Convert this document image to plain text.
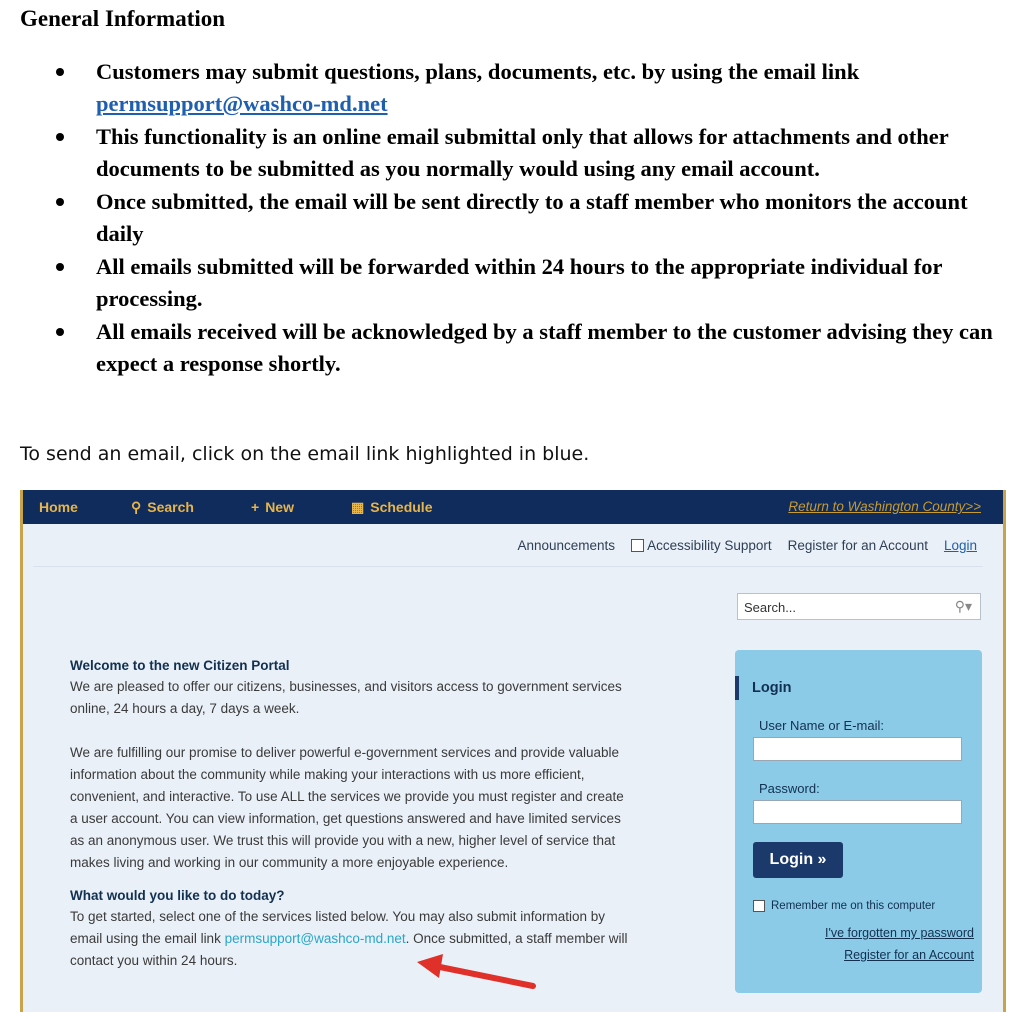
General Information
Customers may submit questions, plans, documents, etc. by using the email link
permsupport@washco-md.net
This functionality is an online email submittal only that allows for attachments and other documents to be submitted as you normally would using any email account.
Once submitted, the email will be sent directly to a staff member who monitors the account daily
All emails submitted will be forwarded within 24 hours to the appropriate individual for processing.
All emails received will be acknowledged by a staff member to the customer advising they can expect a response shortly.

To send an email, click on the email link highlighted in blue.

Home	⚲ Search	+ New	▦ Schedule	Return to Washington County>>
Announcements Accessibility Support Register for an Account Login
Search...	⚲▾
Welcome to the new Citizen Portal

We are pleased to offer our citizens, businesses, and visitors access to government services online, 24 hours a day, 7 days a week.

We are fulfilling our promise to deliver powerful e-government services and provide valuable information about the community while making your interactions with us more efficient, convenient, and interactive. To use ALL the services we provide you must register and create a user account. You can view information, get questions answered and have limited services as an anonymous user. We trust this will provide you with a new, higher level of service that makes living and working in our community a more enjoyable experience.

What would you like to do today?

To get started, select one of the services listed below. You may also submit information by email using the email link permsupport@washco-md.net. Once submitted, a staff member will contact you within 24 hours.

Login
User Name or E-mail:
Password:
Login »
Remember me on this computer
I've forgotten my password
Register for an Account
